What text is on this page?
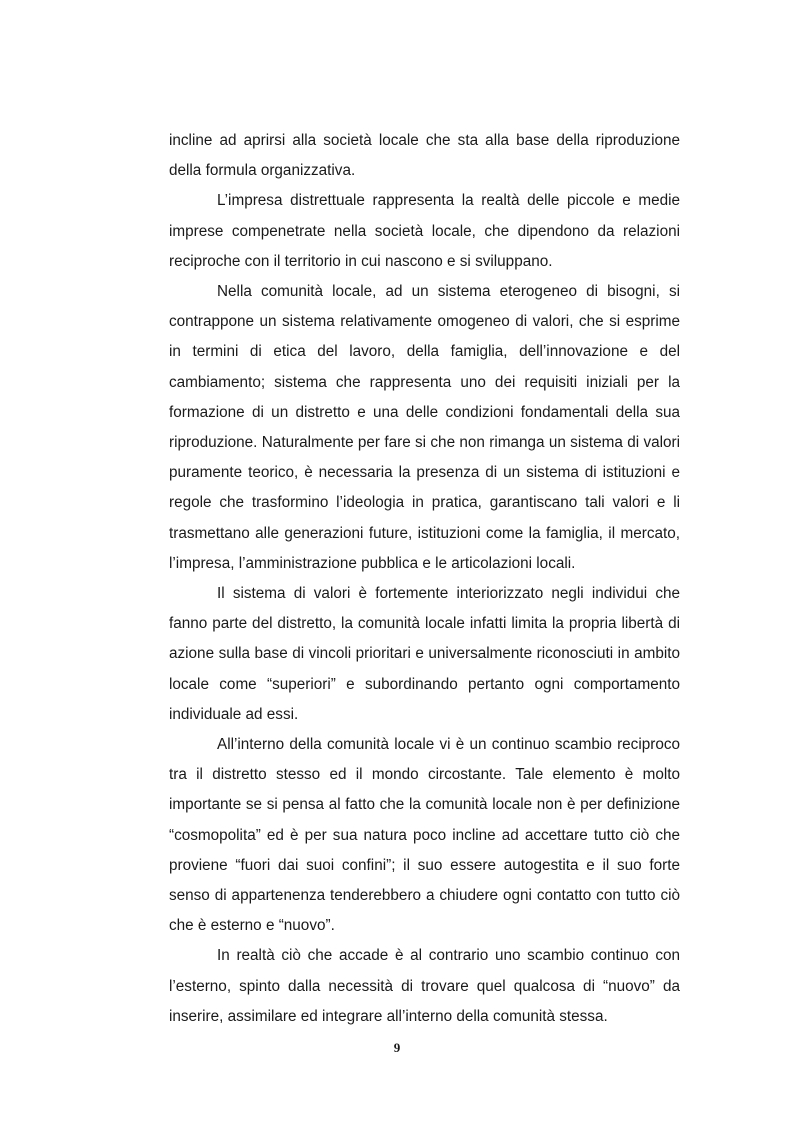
incline ad aprirsi alla società locale che sta alla base della riproduzione della formula organizzativa.

L’impresa distrettuale rappresenta la realtà delle piccole e medie imprese compenetrate nella società locale, che dipendono da relazioni reciproche con il territorio in cui nascono e si sviluppano.

Nella comunità locale, ad un sistema eterogeneo di bisogni, si contrappone un sistema relativamente omogeneo di valori, che si esprime in termini di etica del lavoro, della famiglia, dell’innovazione e del cambiamento; sistema che rappresenta uno dei requisiti iniziali per la formazione di un distretto e una delle condizioni fondamentali della sua riproduzione. Naturalmente per fare si che non rimanga un sistema di valori puramente teorico, è necessaria la presenza di un sistema di istituzioni e regole che trasformino l’ideologia in pratica, garantiscano tali valori e li trasmettano alle generazioni future, istituzioni come la famiglia, il mercato, l’impresa, l’amministrazione pubblica e le articolazioni locali.

Il sistema di valori è fortemente interiorizzato negli individui che fanno parte del distretto, la comunità locale infatti limita la propria libertà di azione sulla base di vincoli prioritari e universalmente riconosciuti in ambito locale come “superiori” e subordinando pertanto ogni comportamento individuale ad essi.

All’interno della comunità locale vi è un continuo scambio reciproco tra il distretto stesso ed il mondo circostante. Tale elemento è molto importante se si pensa al fatto che la comunità locale non è per definizione “cosmopolita” ed è per sua natura poco incline ad accettare tutto ciò che proviene “fuori dai suoi confini”; il suo essere autogestita e il suo forte senso di appartenenza tenderebbero a chiudere ogni contatto con tutto ciò che è esterno e “nuovo”.

In realtà ciò che accade è al contrario uno scambio continuo con l’esterno, spinto dalla necessità di trovare quel qualcosa di “nuovo” da inserire, assimilare ed integrare all’interno della comunità stessa.

9
